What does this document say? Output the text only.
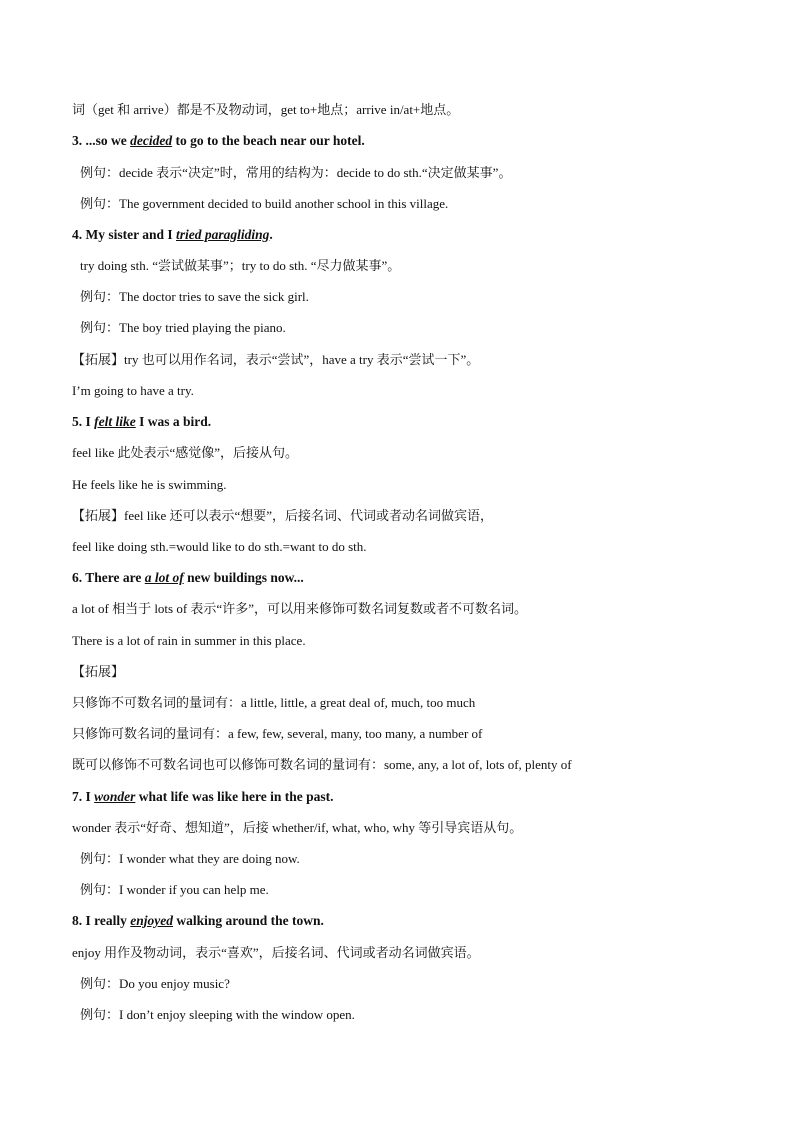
词（get 和 arrive）都是不及物动词，get to+地点；arrive in/at+地点。
3. ...so we decided to go to the beach near our hotel.
例句：decide 表示“决定”时，常用的结构为：decide to do sth.“决定做某事”。
例句：The government decided to build another school in this village.
4. My sister and I tried paragliding.
try doing sth. “尝试做某事”；try to do sth. “尽力做某事”。
例句：The doctor tries to save the sick girl.
例句：The boy tried playing the piano.
【拓展】try 也可以用作名词，表示“尝试”，have a try 表示“尝试一下”。
I’m going to have a try.
5. I felt like I was a bird.
feel like 此处表示“感觉像”，后接从句。
He feels like he is swimming.
【拓展】feel like 还可以表示“想要”，后接名词、代词或者动名词做宾语，
feel like doing sth.=would like to do sth.=want to do sth.
6. There are a lot of new buildings now...
a lot of 相当于 lots of 表示“许多”，可以用来修饰可数名词复数或者不可数名词。
There is a lot of rain in summer in this place.
【拓展】
只修饰不可数名词的量词有：a little, little, a great deal of, much, too much
只修饰可数名词的量词有：a few, few, several, many, too many, a number of
既可以修饰不可数名词也可以修饰可数名词的量词有：some, any, a lot of, lots of, plenty of
7. I wonder what life was like here in the past.
wonder 表示“好奇、想知道”，后接 whether/if, what, who, why 等引导宾语从句。
例句：I wonder what they are doing now.
例句：I wonder if you can help me.
8. I really enjoyed walking around the town.
enjoy 用作及物动词，表示“喜欢”，后接名词、代词或者动名词做宾语。
例句：Do you enjoy music?
例句：I don’t enjoy sleeping with the window open.
